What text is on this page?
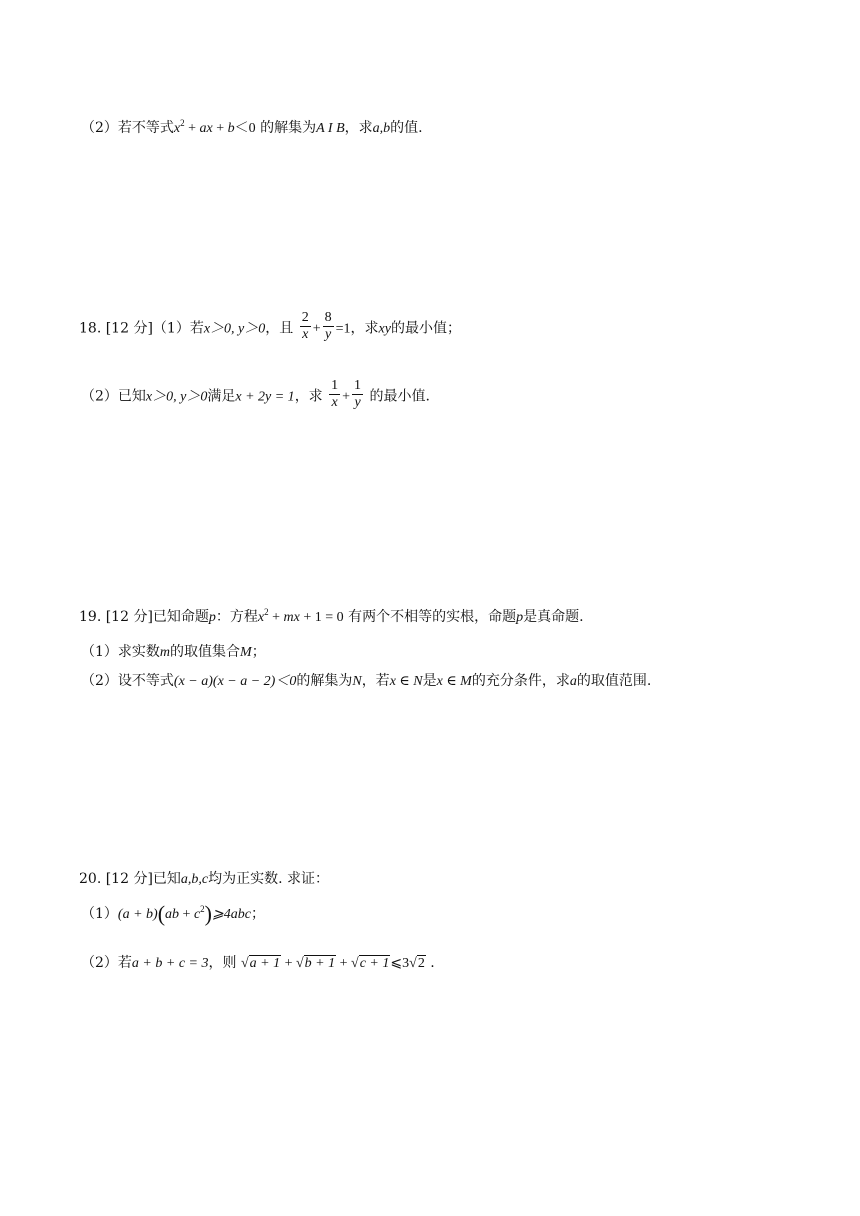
（2）若不等式$x^2$ + ax + b＜0 的解集为A I B，求a,b的值.
18. [12 分]（1）若x＞0, y＞0，且 $\frac{2}{x} + \frac{8}{y} =1$，求xy的最小值；
（2）已知x＞0, y＞0满足x + 2y = 1，求 $\frac{1}{x} + \frac{1}{y}$ 的最小值.
19. [12 分]已知命题p：方程$x^2$ + mx + 1 = 0 有两个不相等的实根，命题p是真命题.
（1）求实数m的取值集合M；
（2）设不等式(x − a)(x − a − 2)＜0的解集为N，若x ∈ N是x ∈ M的充分条件，求a的取值范围.
20. [12 分]已知a,b,c均为正实数. 求证：
$(1)(a + b)(ab + c^2)⩾4abc$；
（2）若a + b + c = 3，则 √a + 1 + √b + 1 + √c + 1⩽3√2 .
